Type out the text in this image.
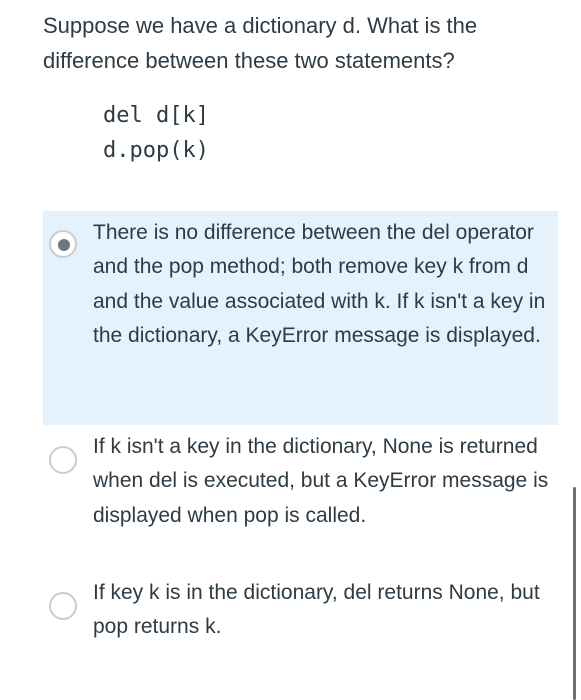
Suppose we have a dictionary d. What is the difference between these two statements?
del d[k]
d.pop(k)
There is no difference between the del operator and the pop method; both remove key k from d and the value associated with k. If k isn't a key in the dictionary, a KeyError message is displayed.
If k isn't a key in the dictionary, None is returned when del is executed, but a KeyError message is displayed when pop is called.
If key k is in the dictionary, del returns None, but pop returns k.
